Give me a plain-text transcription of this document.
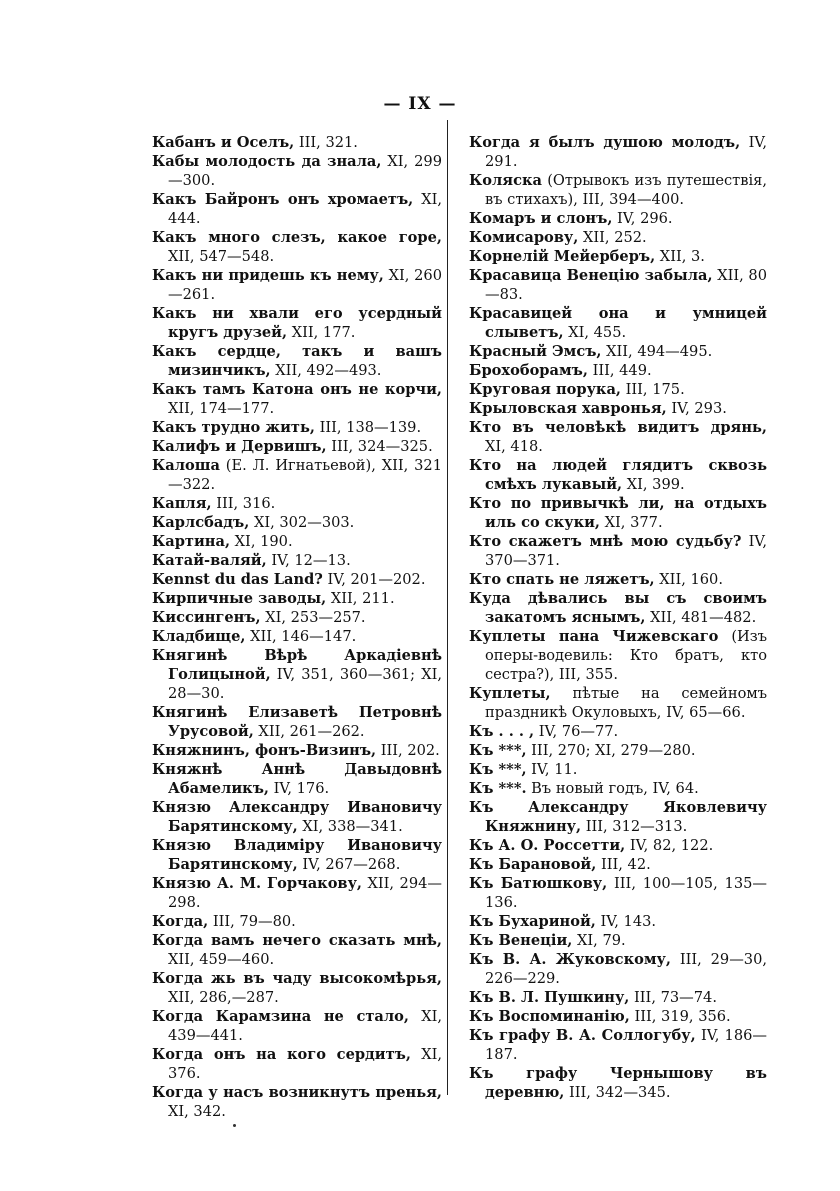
— IX —

Кабанъ и Оселъ, III, 321.

Кабы молодость да знала, XI, 299—300.

Какъ Байронъ онъ хромаетъ, XI, 444.

Какъ много слезъ, какое горе, XII, 547—548.

Какъ ни придешь къ нему, XI, 260—261.

Какъ ни хвали его усердный кругъ друзей, XII, 177.

Какъ сердце, такъ и вашъ мизинчикъ, XII, 492—493.

Какъ тамъ Катона онъ не корчи, XII, 174—177.

Какъ трудно жить, III, 138—139.

Калифъ и Дервишъ, III, 324—325.

Калоша (Е. Л. Игнатьевой), XII, 321—322.

Капля, III, 316.

Карлсбадъ, XI, 302—303.

Картина, XI, 190.

Катай-валяй, IV, 12—13.

Kennst du das Land? IV, 201—202.

Кирпичные заводы, XII, 211.

Киссингенъ, XI, 253—257.

Кладбище, XII, 146—147.

Княгинѣ Вѣрѣ Аркадіевнѣ Голицыной, IV, 351, 360—361; XI, 28—30.

Княгинѣ Елизаветѣ Петровнѣ Урусовой, XII, 261—262.

Княжнинъ, фонъ-Визинъ, III, 202.

Княжнѣ Аннѣ Давыдовнѣ Абамеликъ, IV, 176.

Князю Александру Ивановичу Барятинскому, XI, 338—341.

Князю Владиміру Ивановичу Барятинскому, IV, 267—268.

Князю А. М. Горчакову, XII, 294—298.

Когда, III, 79—80.

Когда вамъ нечего сказать мнѣ, XII, 459—460.

Когда жь въ чаду высокомѣрья, XII, 286,—287.

Когда Карамзина не стало, XI, 439—441.

Когда онъ на кого сердитъ, XI, 376.

Когда у насъ возникнутъ пренья, XI, 342.

Когда я былъ душою молодъ, IV, 291.

Коляска (Отрывокъ изъ путешествія, въ стихахъ), III, 394—400.

Комаръ и слонъ, IV, 296.

Комисарову, XII, 252.

Корнелій Мейерберъ, XII, 3.

Красавица Венецію забыла, XII, 80—83.

Красавицей она и умницей слыветъ, XI, 455.

Красный Эмсъ, XII, 494—495.

Брохоборамъ, III, 449.

Круговая порука, III, 175.

Крыловская хавронья, IV, 293.

Кто въ человѣкѣ видитъ дрянь, XI, 418.

Кто на людей глядитъ сквозь смѣхъ лукавый, XI, 399.

Кто по привычкѣ ли, на отдыхъ иль со скуки, XI, 377.

Кто скажетъ мнѣ мою судьбу? IV, 370—371.

Кто спать не ляжетъ, XII, 160.

Куда дѣвались вы съ своимъ закатомъ яснымъ, XII, 481—482.

Куплеты пана Чижевскаго (Изъ оперы-водевиль: Кто братъ, кто сестра?), III, 355.

Куплеты, пѣтые на семейномъ праздникѣ Окуловыхъ, IV, 65—66.

Къ . . . , IV, 76—77.

Къ ***, III, 270; XI, 279—280.

Къ ***, IV, 11.

Къ ***. Въ новый годъ, IV, 64.

Къ Александру Яковлевичу Княжнину, III, 312—313.

Къ А. О. Россетти, IV, 82, 122.

Къ Барановой, III, 42.

Къ Батюшкову, III, 100—105, 135—136.

Къ Бухариной, IV, 143.

Къ Венеціи, XI, 79.

Къ В. А. Жуковскому, III, 29—30, 226—229.

Къ В. Л. Пушкину, III, 73—74.

Къ Воспоминанію, III, 319, 356.

Къ графу В. А. Соллогубу, IV, 186—187.

Къ графу Чернышову въ деревню, III, 342—345.
